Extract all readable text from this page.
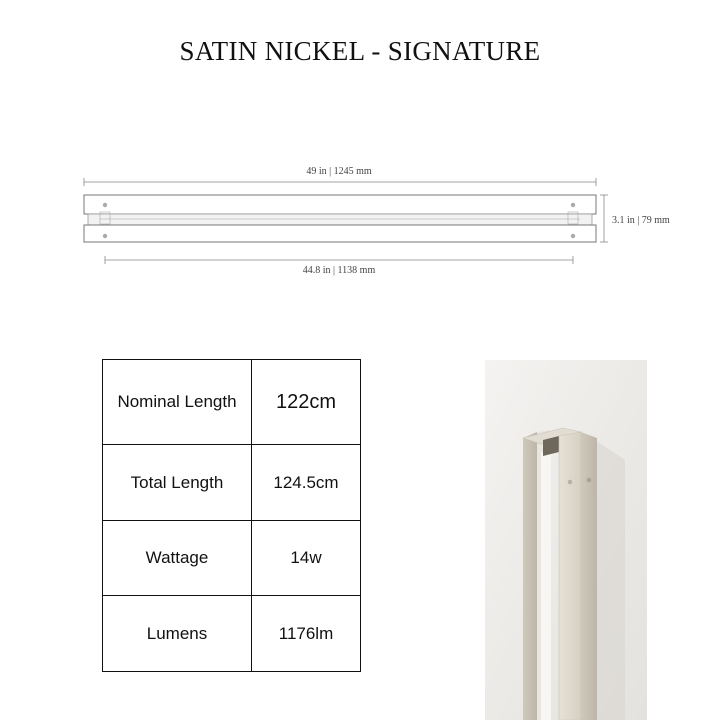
SATIN NICKEL - SIGNATURE
49 in | 1245 mm
3.1 in | 79 mm
44.8 in | 1138 mm
Nominal Length	122cm
Total Length	124.5cm
Wattage	14w
Lumens	1176lm
